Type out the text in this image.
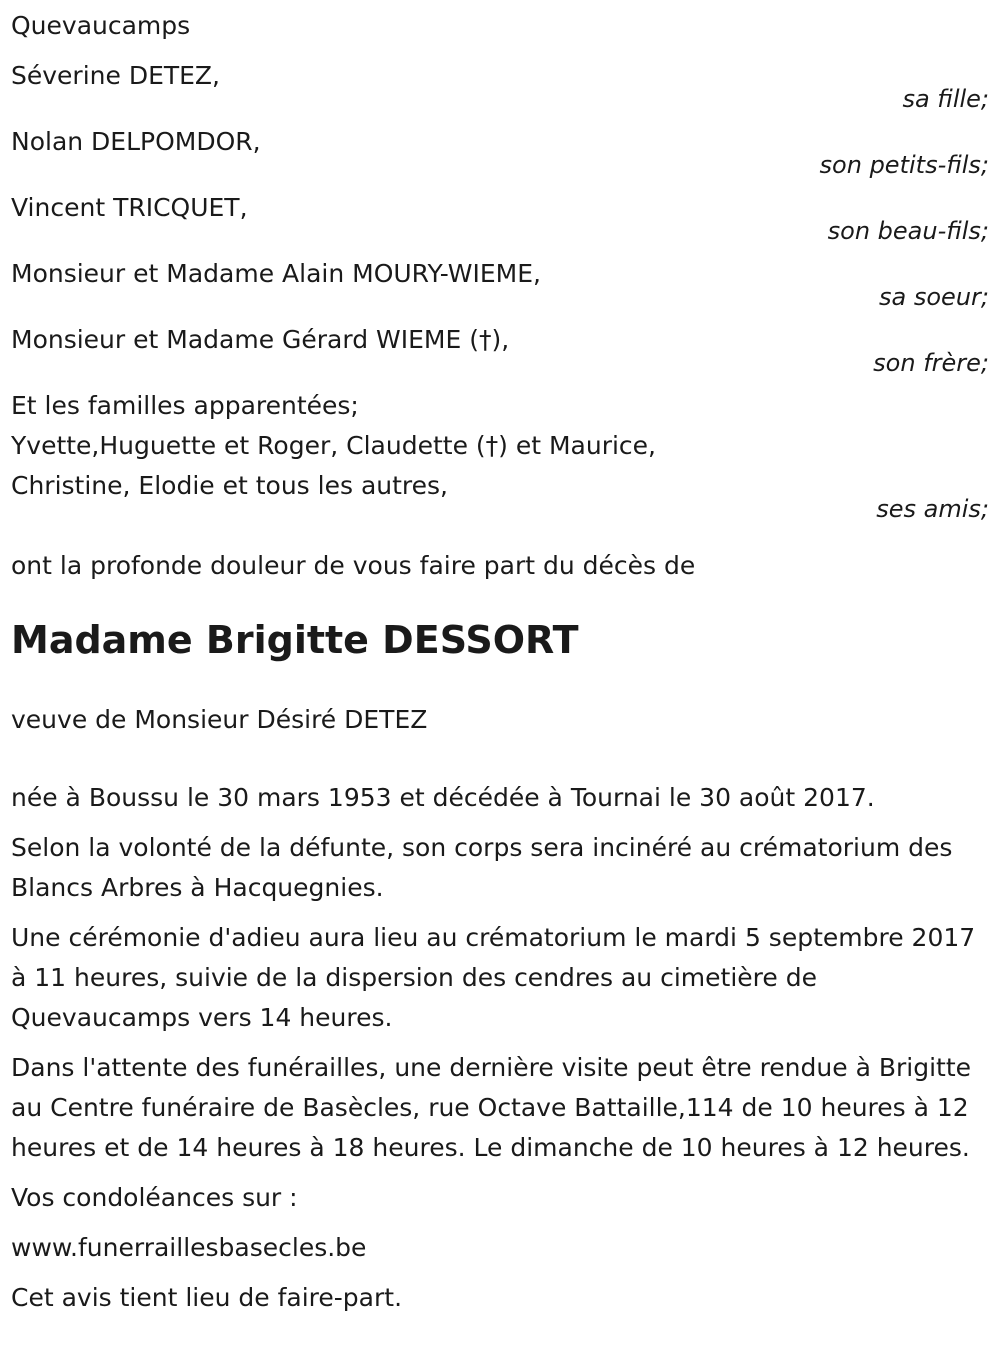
Quevaucamps
Séverine DETEZ,
sa fille;
Nolan DELPOMDOR,
son petits-fils;
Vincent TRICQUET,
son beau-fils;
Monsieur et Madame Alain MOURY-WIEME,
sa soeur;
Monsieur et Madame Gérard WIEME (†),
son frère;
Et les familles apparentées;
Yvette,Huguette et Roger, Claudette (†) et Maurice,
Christine, Elodie et tous les autres,
ses amis;
ont la profonde douleur de vous faire part du décès de
Madame Brigitte DESSORT
veuve de Monsieur Désiré DETEZ

née à Boussu le 30 mars 1953 et décédée à Tournai le 30 août 2017.

Selon la volonté de la défunte, son corps sera incinéré au crématorium des Blancs Arbres à Hacquegnies.

Une cérémonie d'adieu aura lieu au crématorium le mardi 5 septembre 2017 à 11 heures, suivie de la dispersion des cendres au cimetière de Quevaucamps vers 14 heures.

Dans l'attente des funérailles, une dernière visite peut être rendue à Brigitte au Centre funéraire de Basècles, rue Octave Battaille,114 de 10 heures à 12 heures et de 14 heures à 18 heures. Le dimanche de 10 heures à 12 heures.

Vos condoléances sur :

www.funerraillesbasecles.be

Cet avis tient lieu de faire-part.
